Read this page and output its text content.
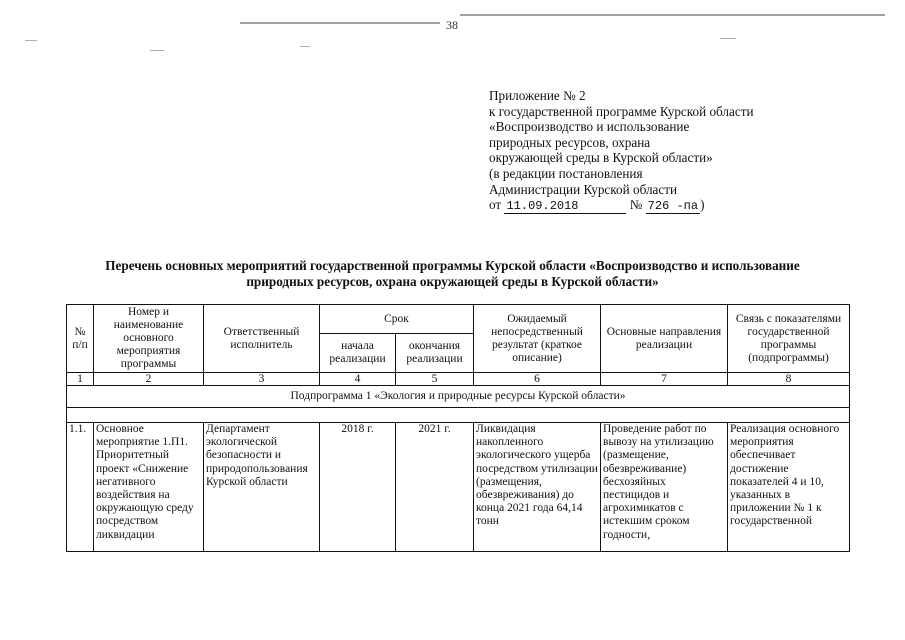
38
Приложение № 2
к государственной программе Курской области
«Воспроизводство и использование
природных ресурсов, охрана
окружающей среды в Курской области»
(в редакции постановления
Администрации Курской области
от 11.09.2018	№ 726 -па )
Перечень основных мероприятий государственной программы Курской области «Воспроизводство и использование
природных ресурсов, охрана окружающей среды в Курской области»
№ п/п	Номер и наименование основного мероприятия программы	Ответственный исполнитель	Срок		Ожидаемый непосредственный результат (краткое описание)	Основные направления реализации	Связь с показателями государственной программы (подпрограммы)
			начала реализации	окончания реализации			
1	2	3	4	5	6	7	8
Подпрограмма 1 «Экология и природные ресурсы Курской области»							

1.1.	Основное мероприятие 1.П1. Приоритетный проект «Снижение негативного воздействия на окружающую среду посредством ликвидации	Департамент экологической безопасности и природопользования Курской области	2018 г.	2021 г.	Ликвидация накопленного экологического ущерба посредством утилизации (размещения, обезвреживания) до конца 2021 года 64,14 тонн	Проведение работ по вывозу на утилизацию (размещение, обезвреживание) бесхозяйных пестицидов и агрохимикатов с истекшим сроком годности,	Реализация основного мероприятия обеспечивает достижение показателей 4 и 10, указанных в приложении № 1 к государственной
